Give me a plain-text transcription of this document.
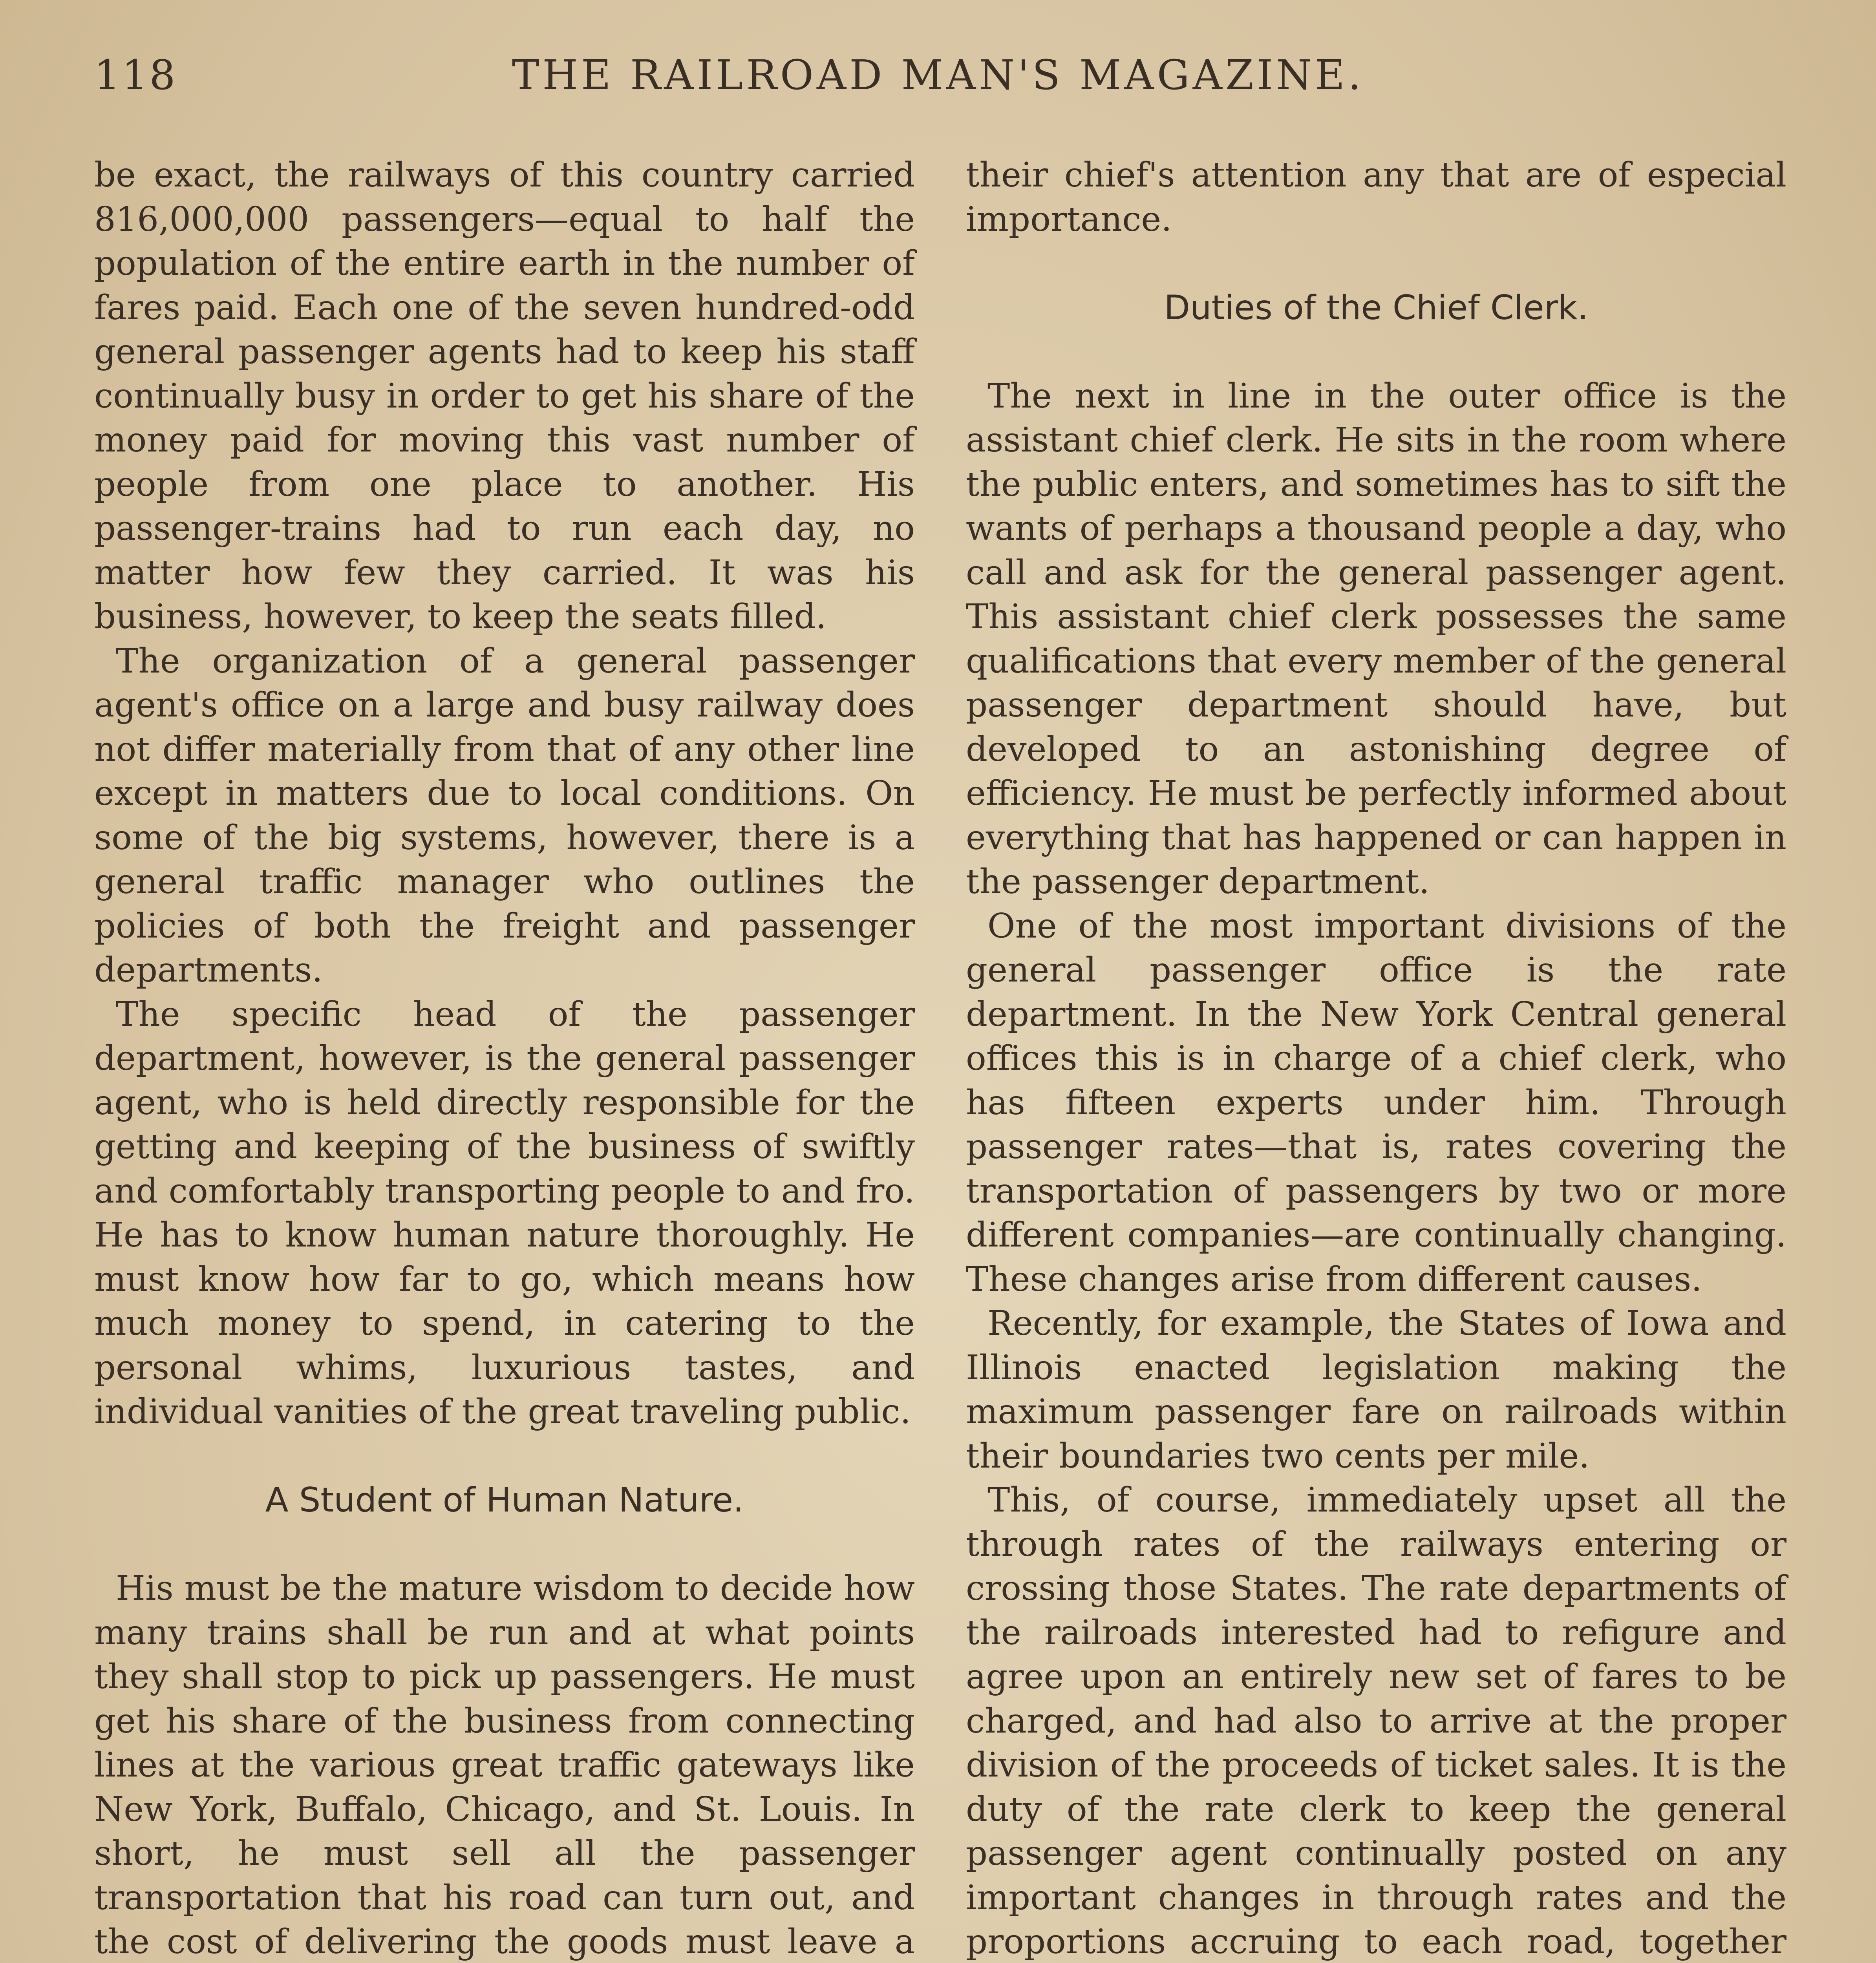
118	THE RAILROAD MAN'S MAGAZINE.

be exact, the railways of this country carried 816,000,000 passengers—equal to half the population of the entire earth in the number of fares paid. Each one of the seven hundred-odd general passenger agents had to keep his staff continually busy in order to get his share of the money paid for moving this vast number of people from one place to another. His passenger-trains had to run each day, no matter how few they carried. It was his business, however, to keep the seats filled.

The organization of a general passenger agent's office on a large and busy railway does not differ materially from that of any other line except in matters due to local conditions. On some of the big systems, however, there is a general traffic manager who outlines the policies of both the freight and passenger departments.

The specific head of the passenger department, however, is the general passenger agent, who is held directly responsible for the getting and keeping of the business of swiftly and comfortably transporting people to and fro. He has to know human nature thoroughly. He must know how far to go, which means how much money to spend, in catering to the personal whims, luxurious tastes, and individual vanities of the great traveling public.

A Student of Human Nature.

His must be the mature wisdom to decide how many trains shall be run and at what points they shall stop to pick up passengers. He must get his share of the business from connecting lines at the various great traffic gateways like New York, Buffalo, Chicago, and St. Louis. In short, he must sell all the passenger transportation that his road can turn out, and the cost of delivering the goods must leave a

their chief's attention any that are of especial importance.

Duties of the Chief Clerk.

The next in line in the outer office is the assistant chief clerk. He sits in the room where the public enters, and sometimes has to sift the wants of perhaps a thousand people a day, who call and ask for the general passenger agent. This assistant chief clerk possesses the same qualifications that every member of the general passenger department should have, but developed to an astonishing degree of efficiency. He must be perfectly informed about everything that has happened or can happen in the passenger department.

One of the most important divisions of the general passenger office is the rate department. In the New York Central general offices this is in charge of a chief clerk, who has fifteen experts under him. Through passenger rates—that is, rates covering the transportation of passengers by two or more different companies—are continually changing. These changes arise from different causes.

Recently, for example, the States of Iowa and Illinois enacted legislation making the maximum passenger fare on railroads within their boundaries two cents per mile.

This, of course, immediately upset all the through rates of the railways entering or crossing those States. The rate departments of the railroads interested had to refigure and agree upon an entirely new set of fares to be charged, and had also to arrive at the proper division of the proceeds of ticket sales. It is the duty of the rate clerk to keep the general passenger agent continually posted on any important changes in through rates and the proportions accruing to each road, together
